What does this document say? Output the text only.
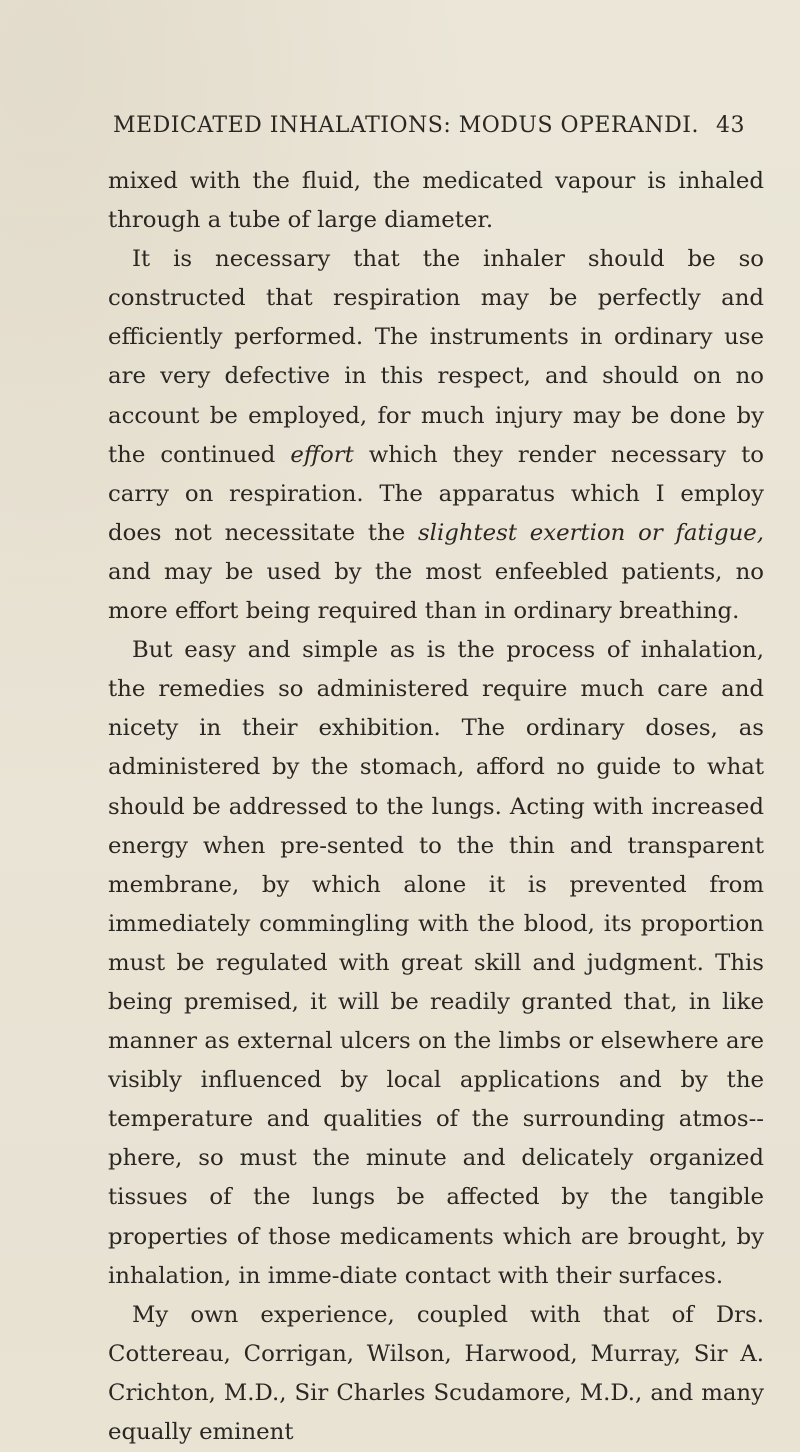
MEDICATED INHALATIONS: MODUS OPERANDI. 43

mixed with the fluid, the medicated vapour is inhaled through a tube of large diameter.

It is necessary that the inhaler should be so constructed that respiration may be perfectly and efficiently performed. The instruments in ordinary use are very defective in this respect, and should on no account be employed, for much injury may be done by the continued effort which they render necessary to carry on respiration. The apparatus which I employ does not necessitate the slightest exertion or fatigue, and may be used by the most enfeebled patients, no more effort being required than in ordinary breathing.

But easy and simple as is the process of inhalation, the remedies so administered require much care and nicety in their exhibition. The ordinary doses, as administered by the stomach, afford no guide to what should be addressed to the lungs. Acting with increased energy when pre-sented to the thin and transparent membrane, by which alone it is prevented from immediately commingling with the blood, its proportion must be regulated with great skill and judgment. This being premised, it will be readily granted that, in like manner as external ulcers on the limbs or elsewhere are visibly influenced by local applications and by the temperature and qualities of the surrounding atmos-phere, so must the minute and delicately organized tissues of the lungs be affected by the tangible properties of those medicaments which are brought, by inhalation, in imme-diate contact with their surfaces.

My own experience, coupled with that of Drs. Cottereau, Corrigan, Wilson, Harwood, Murray, Sir A. Crichton, M.D., Sir Charles Scudamore, M.D., and many equally eminent
